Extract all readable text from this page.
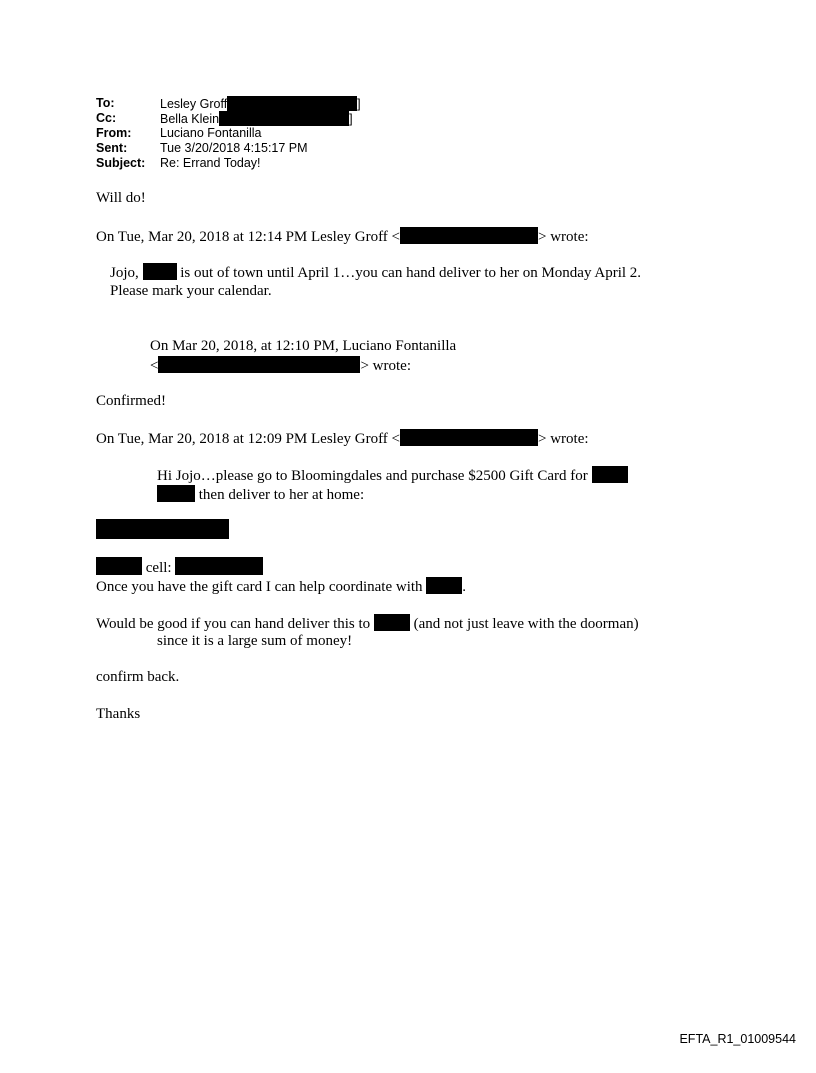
To:	Lesley Groff	]
Cc:	Bella Klein	]
From: Luciano Fontanilla
Sent:	Tue 3/20/2018 4:15:17 PM
Subject: Re: Errand Today!
Will do!
On Tue, Mar 20, 2018 at 12:14 PM Lesley Groff <	> wrote:
Jojo,	is out of town until April 1…you can hand deliver to her on Monday April 2.
Please mark your calendar.
On Mar 20, 2018, at 12:10 PM, Luciano Fontanilla
<	> wrote:
Confirmed!
On Tue, Mar 20, 2018 at 12:09 PM Lesley Groff <	> wrote:
Hi Jojo…please go to Bloomingdales and purchase $2500 Gift Card for
then deliver to her at home:
cell:
Once you have the gift card I can help coordinate with	.
Would be good if you can hand deliver this to	(and not just leave with the doorman)
since it is a large sum of money!
confirm back.
Thanks
EFTA_R1_01009544
